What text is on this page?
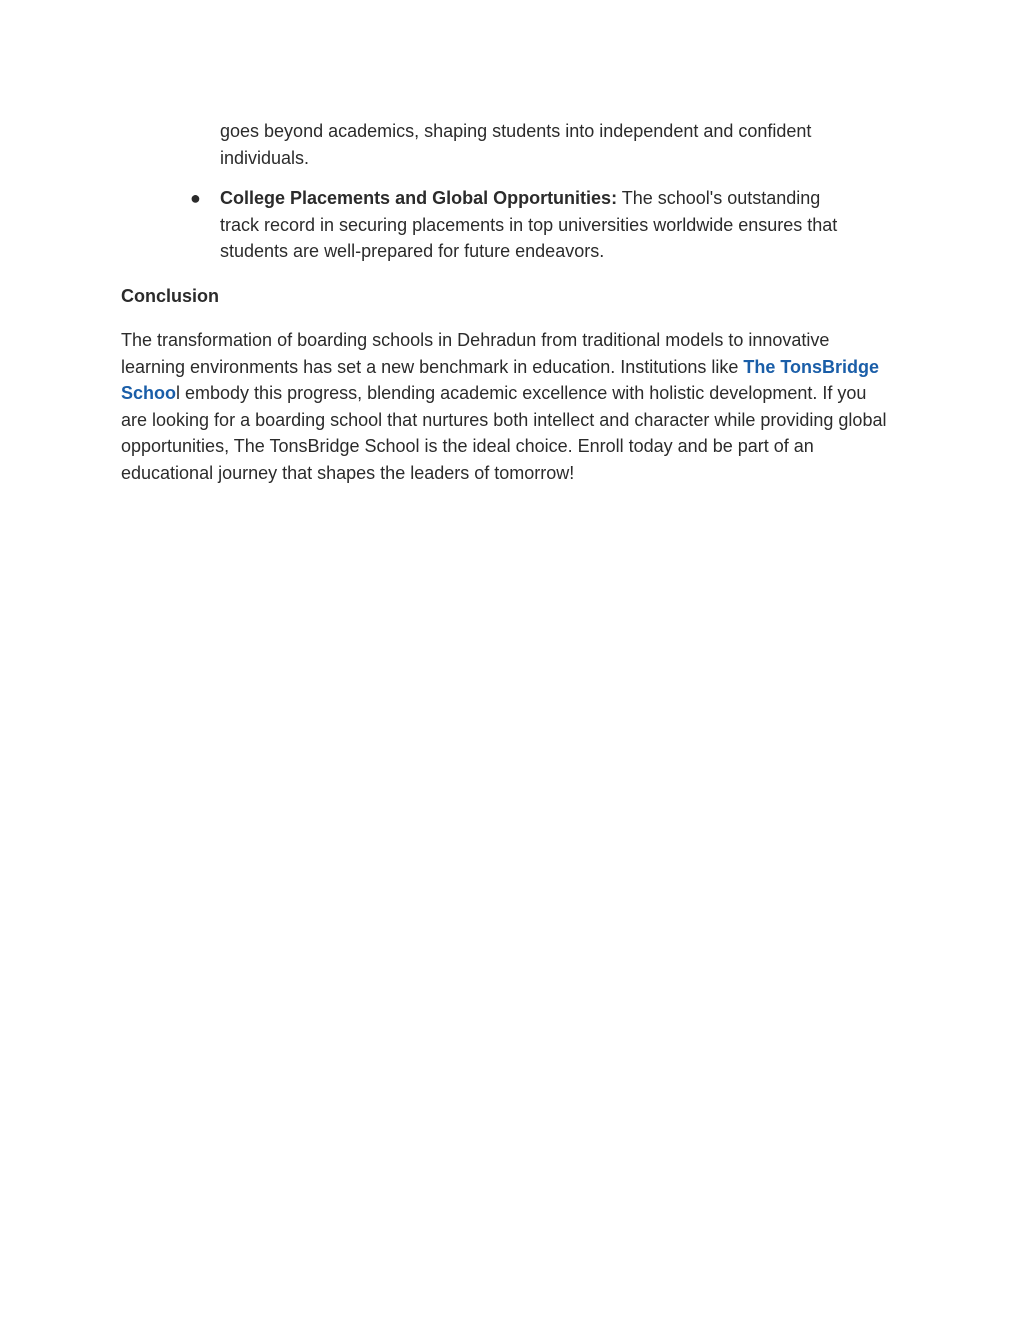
goes beyond academics, shaping students into independent and confident individuals.

● College Placements and Global Opportunities: The school's outstanding track record in securing placements in top universities worldwide ensures that students are well-prepared for future endeavors.
Conclusion

The transformation of boarding schools in Dehradun from traditional models to innovative learning environments has set a new benchmark in education. Institutions like The TonsBridge School embody this progress, blending academic excellence with holistic development. If you are looking for a boarding school that nurtures both intellect and character while providing global opportunities, The TonsBridge School is the ideal choice. Enroll today and be part of an educational journey that shapes the leaders of tomorrow!
